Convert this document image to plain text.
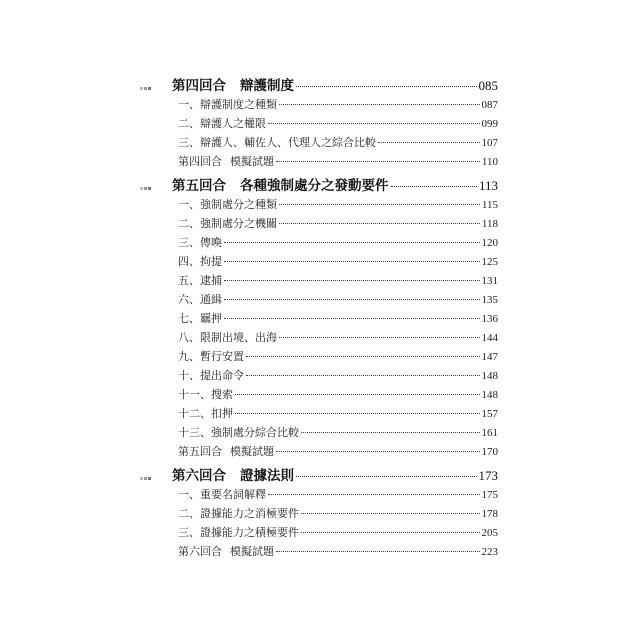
第四回合 辯護制度	085
一、辯護制度之種類	087
二、辯護人之權限	099
三、辯護人、輔佐人、代理人之綜合比較	107
第四回合 模擬試題	110
第五回合 各種強制處分之發動要件	113
一、強制處分之種類	115
二、強制處分之機關	118
三、傳喚	120
四、拘提	125
五、逮捕	131
六、通緝	135
七、羈押	136
八、限制出境、出海	144
九、暫行安置	147
十、提出命令	148
十一、搜索	148
十二、扣押	157
十三、強制處分綜合比較	161
第五回合 模擬試題	170
第六回合 證據法則	173
一、重要名詞解釋	175
二、證據能力之消極要件	178
三、證據能力之積極要件	205
第六回合 模擬試題	223
